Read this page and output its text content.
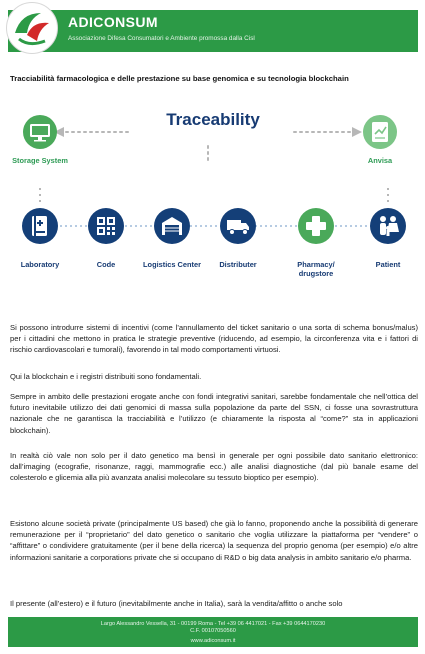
ADICONSUM
Associazione Difesa Consumatori e Ambiente promossa dalla Cisl
Tracciabilità farmacologica e delle prestazione su base genomica e su tecnologia blockchain
Traceability
Storage System	Anvisa
Laboratory	Code	Logistics Center	Distributer	Pharmacy/ drugstore
Patient

Si possono introdurre sistemi di incentivi (come l’annullamento del ticket sanitario o una sorta di schema bonus/malus) per i cittadini che mettono in pratica le strategie preventive (riducendo, ad esempio, la circonferenza vita e i fattori di rischio cardiovascolari e tumorali), favorendo in tal modo comportamenti virtuosi.

Qui la blockchain e i registri distribuiti sono fondamentali.

Sempre in ambito delle prestazioni erogate anche con fondi integrativi sanitari, sarebbe fondamentale che nell’ottica del futuro inevitabile utilizzo dei dati genomici di massa sulla popolazione da parte del SSN, ci fosse una sovrastruttura nazionale che ne garantisca la tracciabilità e l’utilizzo (e chiaramente la risposta al “come?” sta in applicazioni blockchain).

In realtà ciò vale non solo per il dato genetico ma bensì in generale per ogni possibile dato sanitario elettronico: dall’imaging (ecografie, risonanze, raggi, mammografie ecc.) alle analisi diagnostiche (dal più banale esame del colesterolo e glicemia alla più avanzata analisi molecolare su tessuto bioptico per esempio).

Esistono alcune società private (principalmente US based) che già lo fanno, proponendo anche la possibilità di generare remunerazione per il “proprietario” del dato genetico o sanitario che voglia utilizzare la piattaforma per “vendere” o “affittare” o condividere gratuitamente (per il bene della ricerca) la sequenza del proprio genoma (per esempio) e/o altre informazioni sanitarie a corporations private che si occupano di R&D o big data analysis in ambito sanitario e/o pharma.

Il presente (all’estero) e il futuro (inevitabilmente anche in Italia), sarà la vendita/affitto o anche solo

Largo Alessandro Vessella, 31 - 00199 Roma - Tel +39 06 4417021 - Fax +39 0644170230
C.F. 00107050560
www.adiconsum.it
